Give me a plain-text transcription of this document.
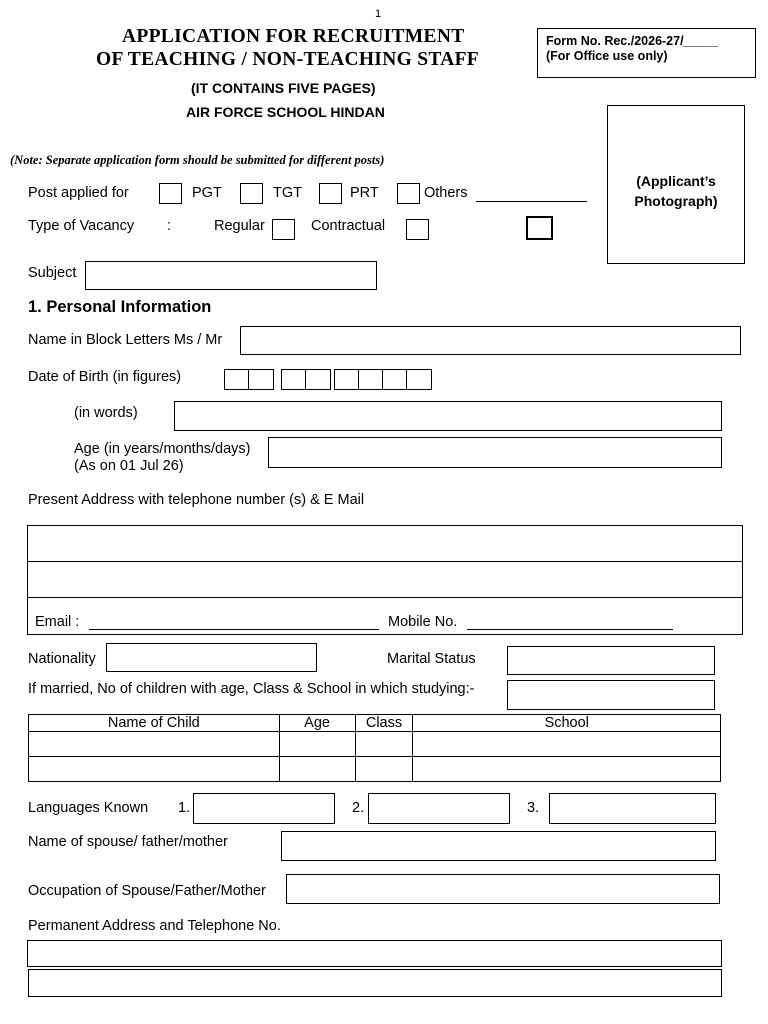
1
APPLICATION FOR RECRUITMENT
OF TEACHING / NON-TEACHING STAFF
(IT CONTAINS FIVE PAGES)
AIR FORCE SCHOOL HINDAN
Form No. Rec./2026-27/_____
(For Office use only)
(Applicant’s
Photograph)
(Note: Separate application form should be submitted for different posts)
Post applied for	PGT	TGT	PRT	Others
Type of Vacancy :	Regular	Contractual
Subject
1. Personal Information
Name in Block Letters Ms / Mr
Date of Birth (in figures)
(in words)
Age (in years/months/days)
(As on 01 Jul 26)
Present Address with telephone number (s) & E Mail
Email :	Mobile No.
Nationality	Marital Status
If married, No of children with age, Class & School in which studying:-
Name of Child	Age	Class	School

Languages Known 1.	2.	3.
Name of spouse/ father/mother
Occupation of Spouse/Father/Mother
Permanent Address and Telephone No.
